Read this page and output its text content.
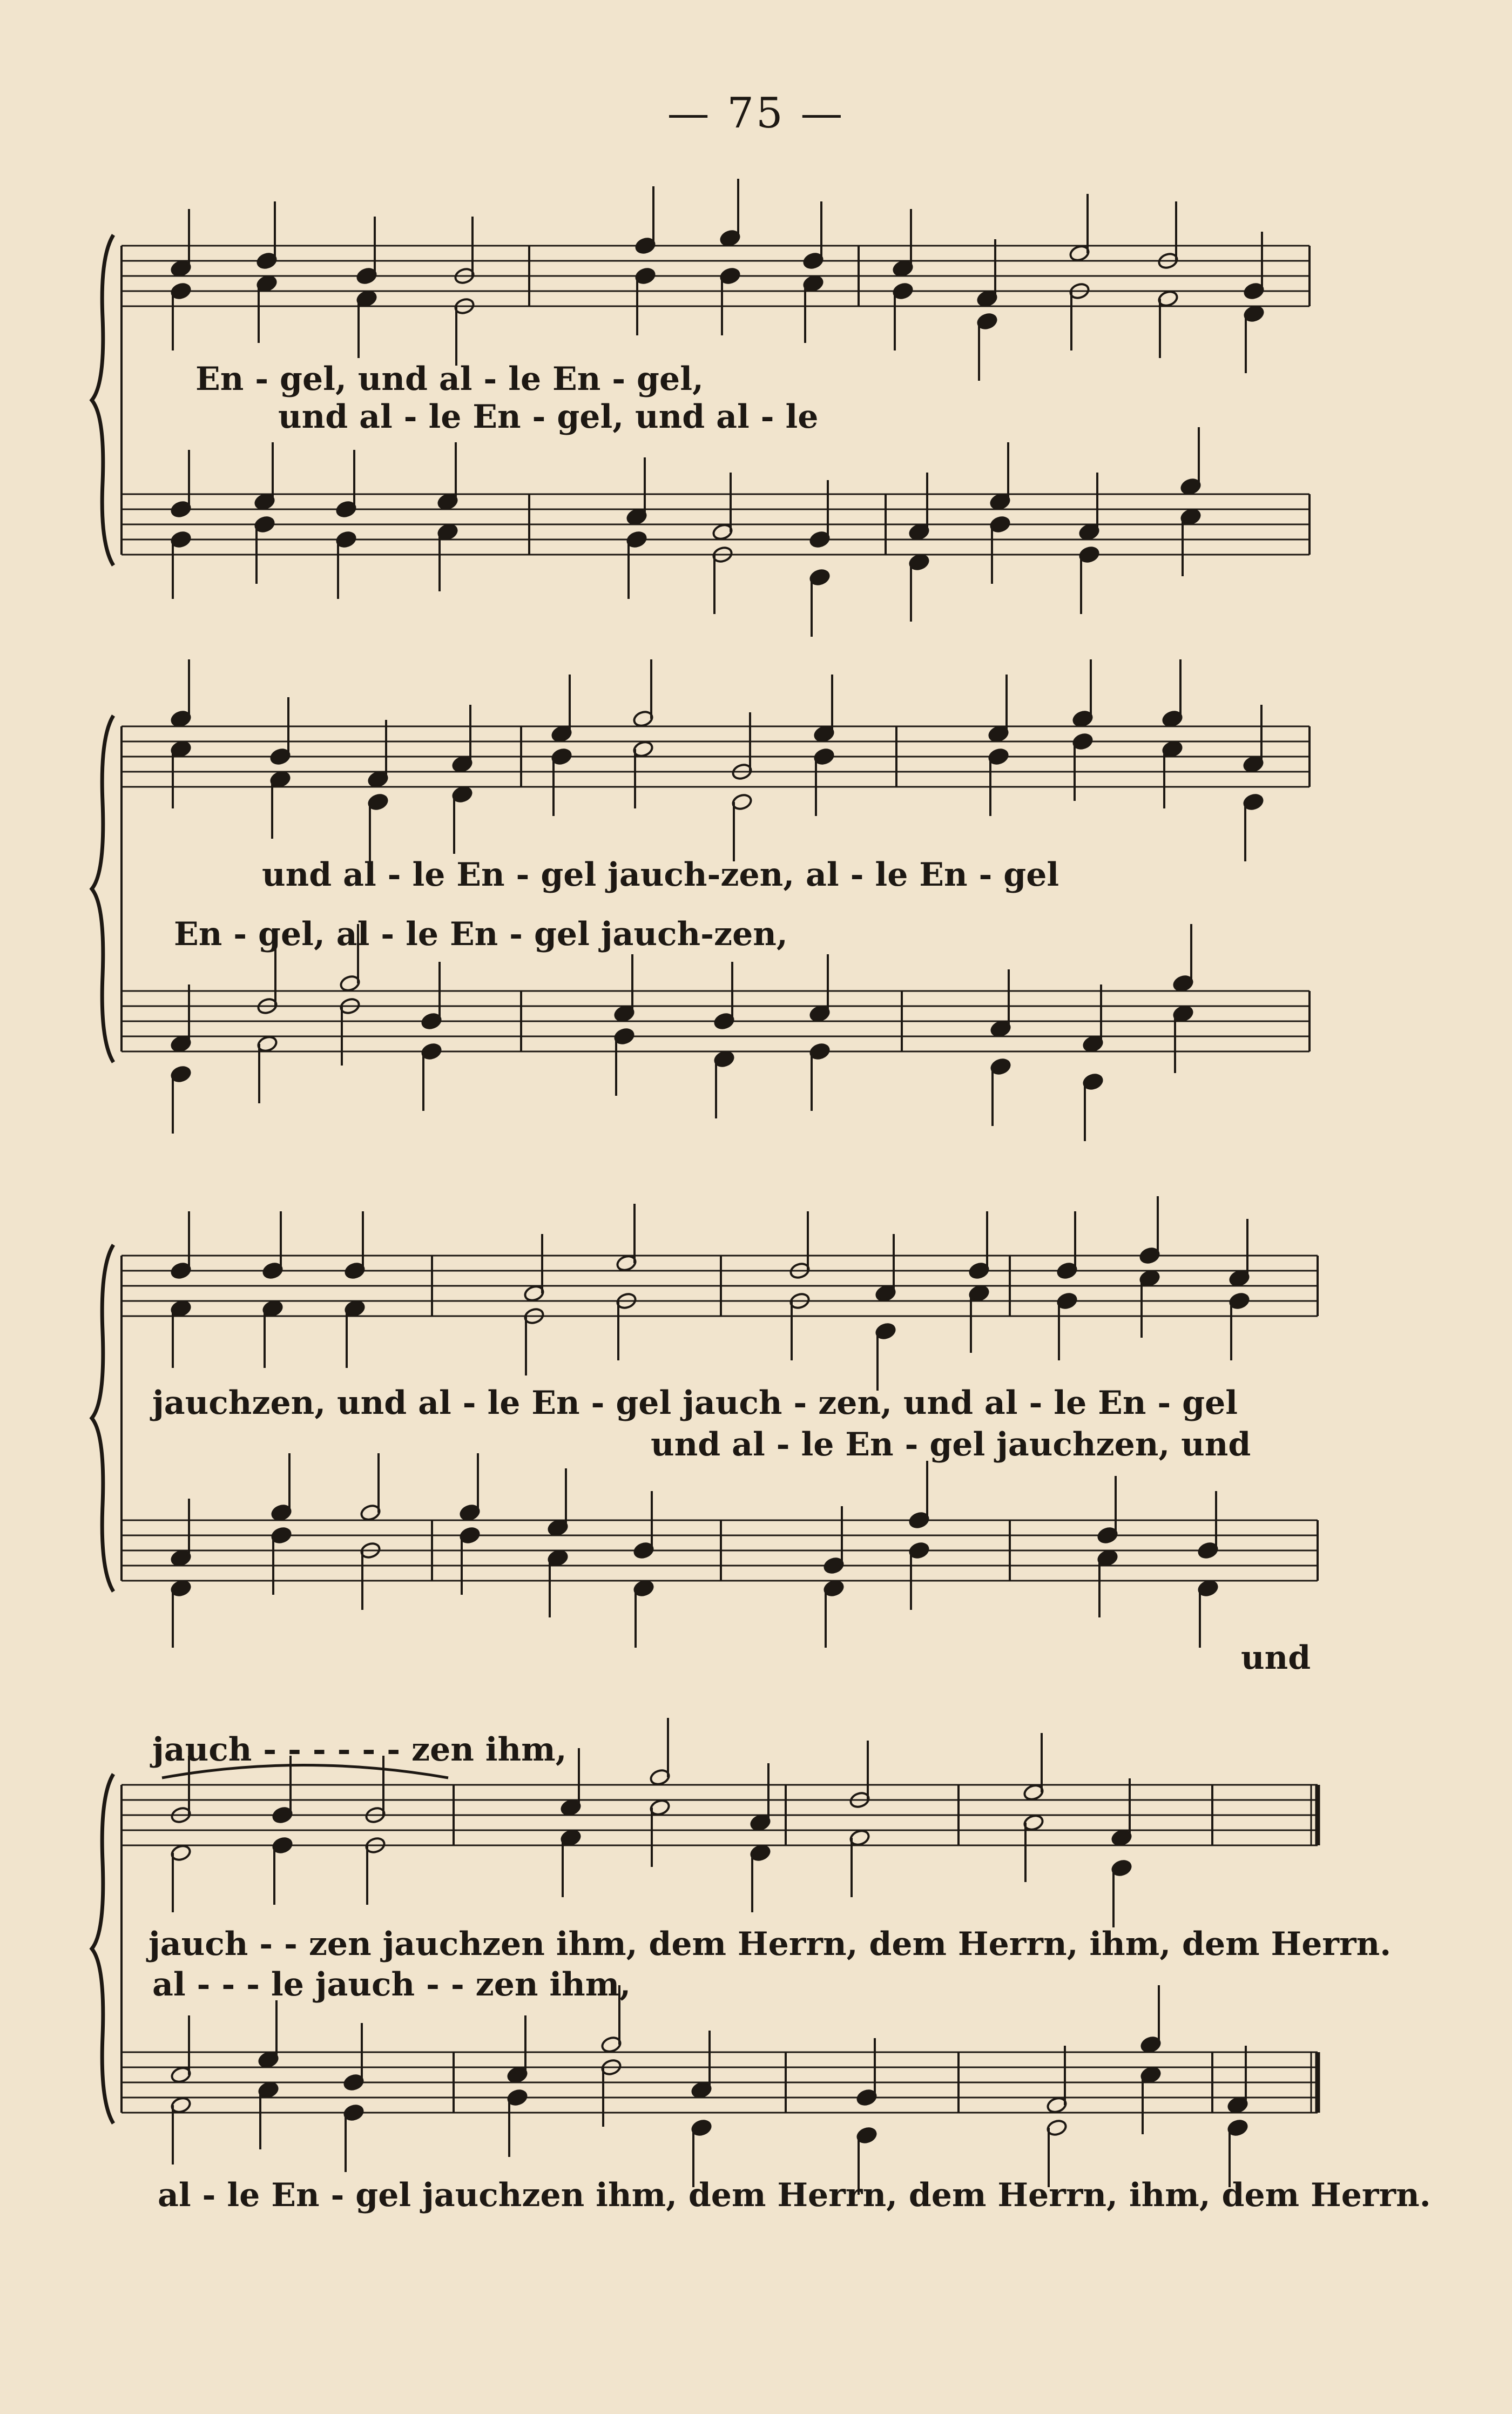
— 75 —
En - gel, und al - le En - gel,
und al - le En - gel, und al - le
und al - le En - gel jauch-zen, al - le En - gel
En - gel, al - le En - gel jauch-zen,
jauchzen, und al - le En - gel jauch - zen, und al - le En - gel
und al - le En - gel jauchzen, und
und
jauch - - - - - - zen ihm,
jauch - - zen jauchzen ihm, dem Herrn, dem Herrn, ihm, dem Herrn.
al - - - le jauch - - zen ihm,
al - le En - gel jauchzen ihm, dem Herrn, dem Herrn, ihm, dem Herrn.
